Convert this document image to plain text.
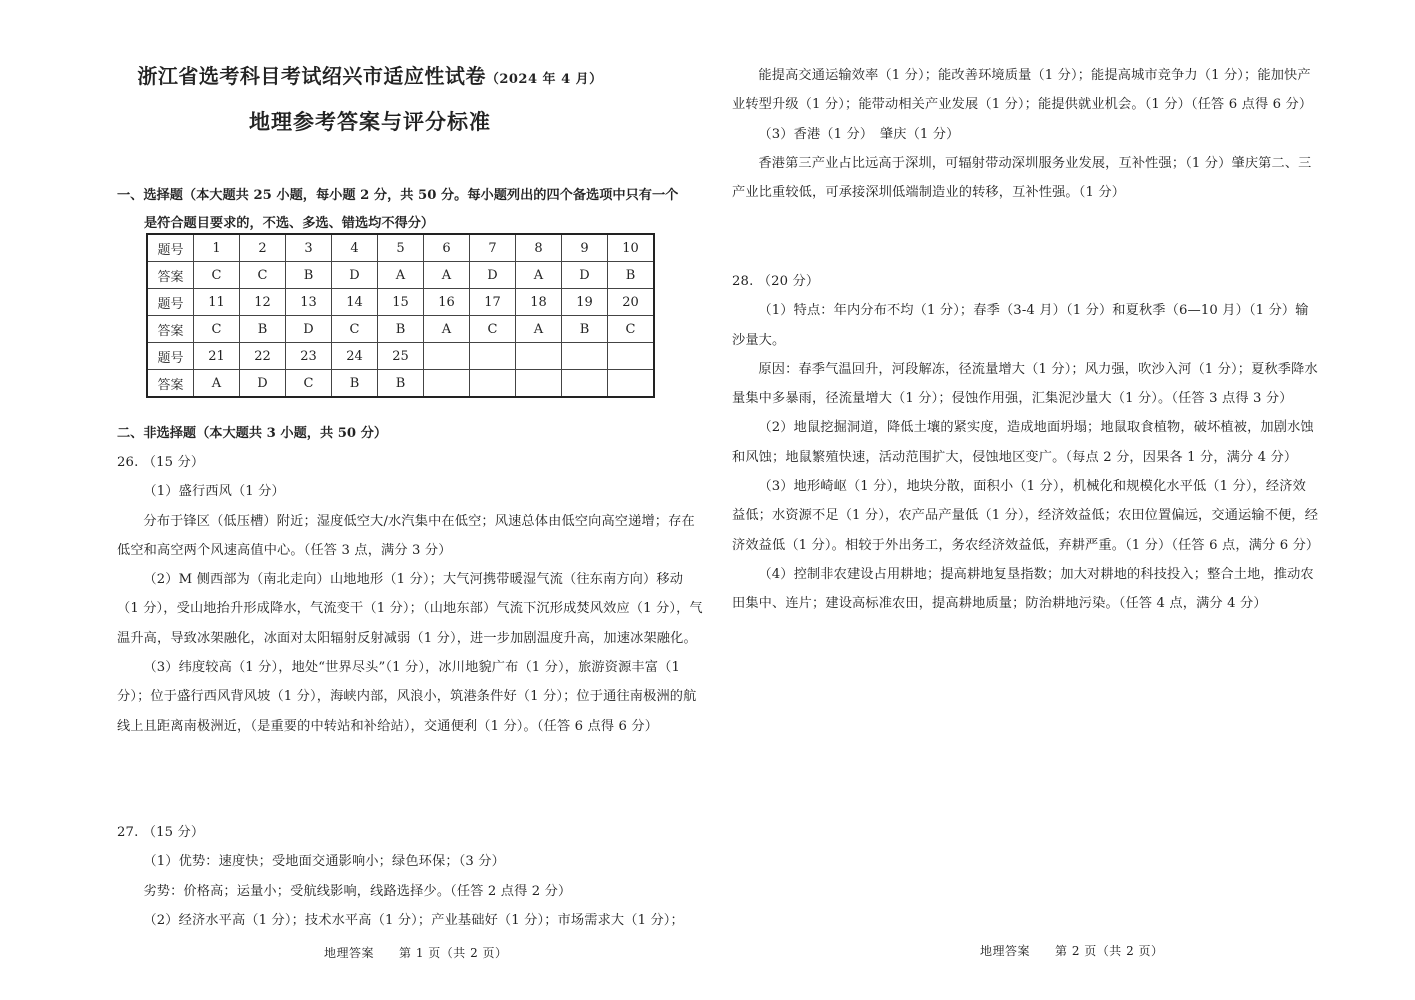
浙江省选考科目考试绍兴市适应性试卷（2024 年 4 月）
地理参考答案与评分标准
一、选择题（本大题共 25 小题，每小题 2 分，共 50 分。每小题列出的四个备选项中只有一个
是符合题目要求的，不选、多选、错选均不得分）
题号	1	2	3	4	5	6	7	8	9	10
答案	C	C	B	D	A	A	D	A	D	B
题号	11	12	13	14	15	16	17	18	19	20
答案	C	B	D	C	B	A	C	A	B	C
题号	21	22	23	24	25					
答案	A	D	C	B	B					
二、非选择题（本大题共 3 小题，共 50 分）
26. （15 分）
（1）盛行西风（1 分）
分布于锋区（低压槽）附近；湿度低空大/水汽集中在低空；风速总体由低空向高空递增；存在低空和高空两个风速高值中心。（任答 3 点，满分 3 分）
（2）M 侧西部为（南北走向）山地地形（1 分）；大气河携带暖湿气流（往东南方向）移动（1 分），受山地抬升形成降水，气流变干（1 分）；（山地东部）气流下沉形成焚风效应（1 分），气温升高，导致冰架融化，冰面对太阳辐射反射减弱（1 分），进一步加剧温度升高，加速冰架融化。
（3）纬度较高（1 分），地处“世界尽头”（1 分），冰川地貌广布（1 分），旅游资源丰富（1 分）；位于盛行西风背风坡（1 分），海峡内部，风浪小，筑港条件好（1 分）；位于通往南极洲的航线上且距离南极洲近，（是重要的中转站和补给站），交通便利（1 分）。（任答 6 点得 6 分）
27. （15 分）
（1）优势：速度快；受地面交通影响小；绿色环保；（3 分）
劣势：价格高；运量小；受航线影响，线路选择少。（任答 2 点得 2 分）
（2）经济水平高（1 分）；技术水平高（1 分）；产业基础好（1 分）；市场需求大（1 分）；
地理答案　　第 1 页（共 2 页）
能提高交通运输效率（1 分）；能改善环境质量（1 分）；能提高城市竞争力（1 分）；能加快产业转型升级（1 分）；能带动相关产业发展（1 分）；能提供就业机会。（1 分）（任答 6 点得 6 分）
（3）香港（1 分）　肇庆（1 分）
香港第三产业占比远高于深圳，可辐射带动深圳服务业发展，互补性强；（1 分）肇庆第二、三产业比重较低，可承接深圳低端制造业的转移，互补性强。（1 分）
28. （20 分）
（1）特点：年内分布不均（1 分）；春季（3-4 月）（1 分）和夏秋季（6—10 月）（1 分）输沙量大。
原因：春季气温回升，河段解冻，径流量增大（1 分）；风力强，吹沙入河（1 分）；夏秋季降水量集中多暴雨，径流量增大（1 分）；侵蚀作用强，汇集泥沙量大（1 分）。（任答 3 点得 3 分）
（2）地鼠挖掘洞道，降低土壤的紧实度，造成地面坍塌；地鼠取食植物，破坏植被，加剧水蚀和风蚀；地鼠繁殖快速，活动范围扩大，侵蚀地区变广。（每点 2 分，因果各 1 分，满分 4 分）
（3）地形崎岖（1 分），地块分散，面积小（1 分），机械化和规模化水平低（1 分），经济效益低；水资源不足（1 分），农产品产量低（1 分），经济效益低；农田位置偏远，交通运输不便，经济效益低（1 分）。相较于外出务工，务农经济效益低，弃耕严重。（1 分）（任答 6 点，满分 6 分）
（4）控制非农建设占用耕地；提高耕地复垦指数；加大对耕地的科技投入；整合土地，推动农田集中、连片；建设高标准农田，提高耕地质量；防治耕地污染。（任答 4 点，满分 4 分）
地理答案　　第 2 页（共 2 页）
